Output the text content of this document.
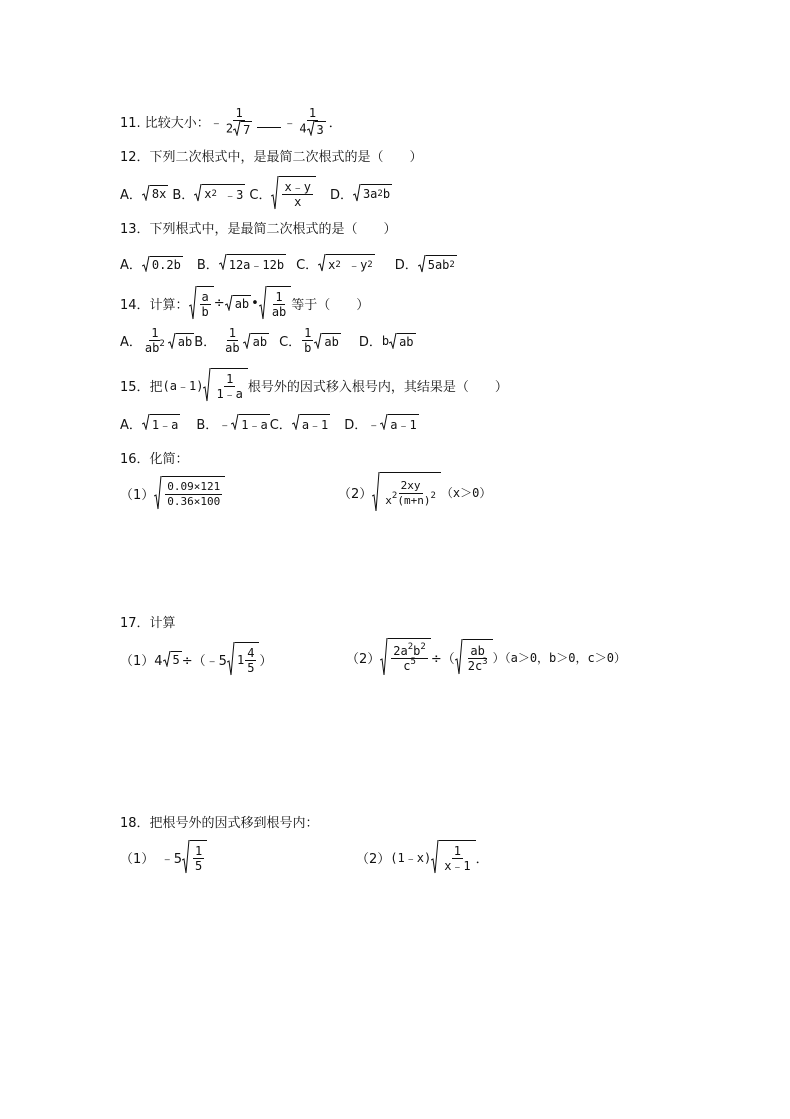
11. 比较大小： ﹣ $\frac{1}{2 7}$ ﹣ $\frac{1}{4 3}$ ．
12．下列二次根式中，是最简二次根式的是（　　）
A． 8x B． x 2
﹣3 C． $\frac{x﹣y}{x}$ D． 3a 2 b
13．下列根式中，是最简二次根式的是（　　）
A． 0.2b B． 12a﹣12b C． x 2
﹣y 2 D． 5ab 2
14．计算： $\frac{a}{b}$ ÷ ab • $\frac{1}{ab}$ 等于（　　）
A． $\frac{1}{ab^2}$ ab B． $\frac{1}{ab}$ ab C． $\frac{1}{b}$ ab D． b ab
15．把 (a﹣1) $\frac{1}{1﹣a}$ 根号外的因式移入根号内，其结果是（　　）
A． 1﹣a B．﹣ 1﹣a C． a﹣1 D．﹣ a﹣1
16．化简：
$(1) \frac{0.09\times 121}{0.36\times 100}$	$(2) \frac{2xy}{x^2(m+n)^2} (x>0)$
17．计算
（1）4 5 ÷（﹣5 $1 \frac{4}{5}$ ）	$(2) \frac{2a^2b^2}{c^5}$ ÷（ $\frac{ab}{2c^3} )(a>0$，b＞0，c＞0）
18．把根号外的因式移到根号内：
（1）　﹣5 $\frac{1}{5}$	（2） (1﹣x) $\frac{1}{x﹣1}$ ．
